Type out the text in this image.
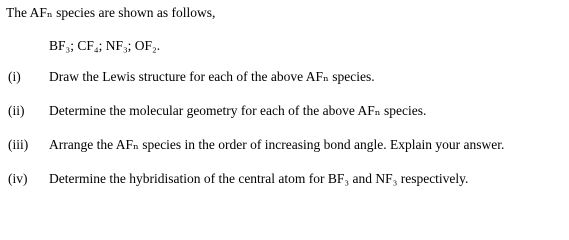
The AFₙ species are shown as follows,
BF₃; CF₄; NF₃; OF₂.
(i) Draw the Lewis structure for each of the above AFₙ species.
(ii) Determine the molecular geometry for each of the above AFₙ species.
(iii) Arrange the AFₙ species in the order of increasing bond angle. Explain your answer.
(iv) Determine the hybridisation of the central atom for BF₃ and NF₃ respectively.
